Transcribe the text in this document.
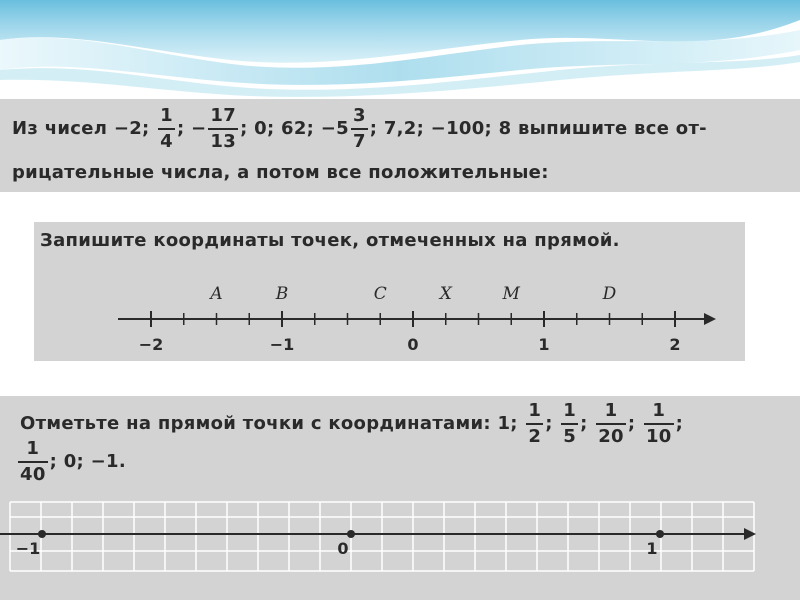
Из чисел −2; $\frac{1}{4}$ ; − $\frac{17}{13}$ ; 0; 62; $-5 \frac{3}{7}$ ; 7,2; −100; 8 выпишите все от-
рицательные числа, а потом все положительные:
Запишите координаты точек, отмеченных на прямой.
−2	−1	0	1	2
A	B	C	X	M	D
Отметьте на прямой точки с координатами: 1; $\frac{1}{2}$ ; $\frac{1}{5}$ ; $\frac{1}{20}$ ; $\frac{1}{10}$ ;
$\frac{1}{40}$ ; 0; −1.
−1	0	1
